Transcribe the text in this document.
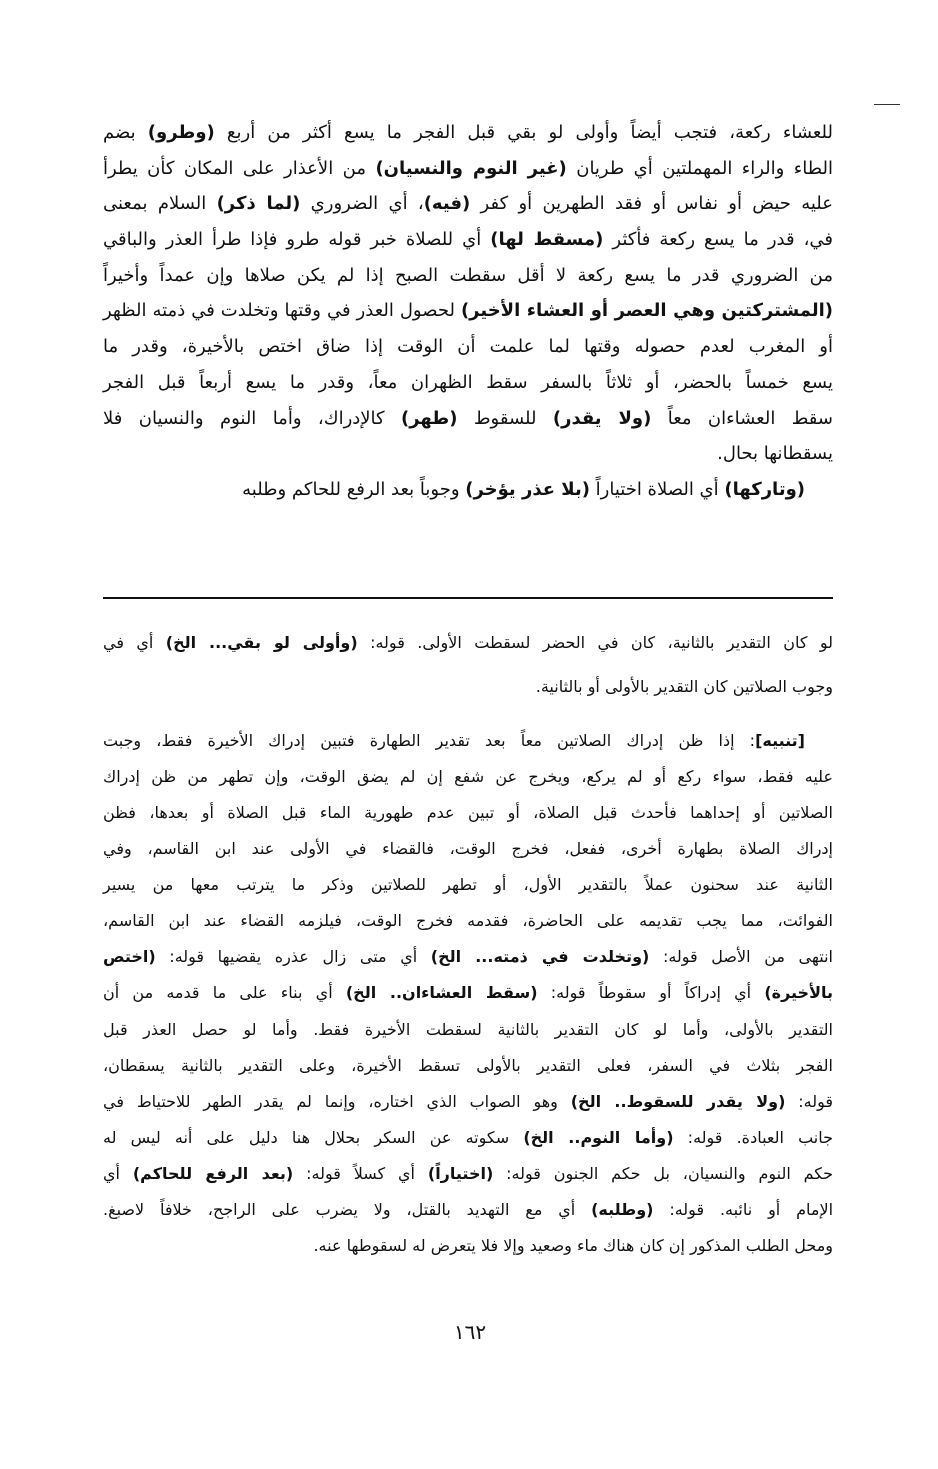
للعشاء ركعة، فتجب أيضاً وأولى لو بقي قبل الفجر ما يسع أكثر من أربع (وطرو) بضم
الطاء والراء المهملتين أي طريان (غير النوم والنسيان) من الأعذار على المكان كأن يطرأ
عليه حيض أو نفاس أو فقد الطهرين أو كفر (فيه)، أي الضروري (لما ذكر) السلام بمعنى
في، قدر ما يسع ركعة فأكثر (مسقط لها) أي للصلاة خبر قوله طرو فإذا طرأ العذر والباقي
من الضروري قدر ما يسع ركعة لا أقل سقطت الصبح إذا لم يكن صلاها وإن عمداً وأخيراً
(المشتركتين وهي العصر أو العشاء الأخير) لحصول العذر في وقتها وتخلدت في ذمته الظهر
أو المغرب لعدم حصوله وقتها لما علمت أن الوقت إذا ضاق اختص بالأخيرة، وقدر ما
يسع خمساً بالحضر، أو ثلاثاً بالسفر سقط الظهران معاً، وقدر ما يسع أربعاً قبل الفجر
سقط العشاءان معاً (ولا يقدر) للسقوط (طهر) كالإدراك، وأما النوم والنسيان فلا
يسقطانها بحال.
(وتاركها) أي الصلاة اختياراً (بلا عذر يؤخر) وجوباً بعد الرفع للحاكم وطلبه
لو كان التقدير بالثانية، كان في الحضر لسقطت الأولى. قوله: (وأولى لو بقي... الخ) أي في
وجوب الصلاتين كان التقدير بالأولى أو بالثانية.
[تنبيه]: إذا ظن إدراك الصلاتين معاً بعد تقدير الطهارة فتبين إدراك الأخيرة فقط، وجبت
عليه فقط، سواء ركع أو لم يركع، ويخرج عن شفع إن لم يضق الوقت، وإن تطهر من ظن إدراك
الصلاتين أو إحداهما فأحدث قبل الصلاة، أو تبين عدم طهورية الماء قبل الصلاة أو بعدها، فظن
إدراك الصلاة بطهارة أخرى، ففعل، فخرج الوقت، فالقضاء في الأولى عند ابن القاسم، وفي
الثانية عند سحنون عملاً بالتقدير الأول، أو تطهر للصلاتين وذكر ما يترتب معها من يسير
الفوائت، مما يجب تقديمه على الحاضرة، فقدمه فخرج الوقت، فيلزمه القضاء عند ابن القاسم،
انتهى من الأصل قوله: (وتخلدت في ذمته... الخ) أي متى زال عذره يقضيها قوله: (اختص
بالأخيرة) أي إدراكاً أو سقوطاً قوله: (سقط العشاءان.. الخ) أي بناء على ما قدمه من أن
التقدير بالأولى، وأما لو كان التقدير بالثانية لسقطت الأخيرة فقط. وأما لو حصل العذر قبل
الفجر بثلاث في السفر، فعلى التقدير بالأولى تسقط الأخيرة، وعلى التقدير بالثانية يسقطان،
قوله: (ولا يقدر للسقوط.. الخ) وهو الصواب الذي اختاره، وإنما لم يقدر الطهر للاحتياط في
جانب العبادة. قوله: (وأما النوم.. الخ) سكوته عن السكر بحلال هنا دليل على أنه ليس له
حكم النوم والنسيان، بل حكم الجنون قوله: (اختياراً) أي كسلاً قوله: (بعد الرفع للحاكم) أي
الإمام أو نائبه. قوله: (وطلبه) أي مع التهديد بالقتل، ولا يضرب على الراجح، خلافاً لاصبغ.
ومحل الطلب المذكور إن كان هناك ماء وصعيد وإلا فلا يتعرض له لسقوطها عنه.
١٦٢
